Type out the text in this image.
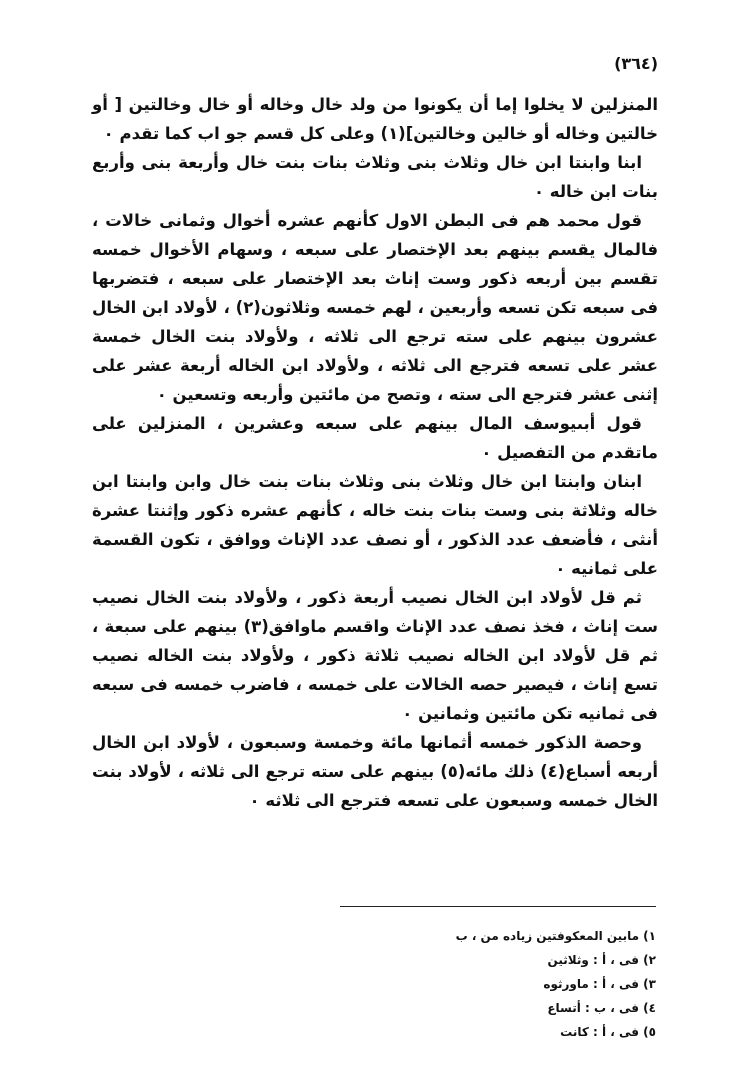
(٣٦٤)

المنزلين لا يخلوا إما أن يكونوا من ولد خال وخاله أو خال وخالتين [ أو خالتين وخاله أو خالين وخالتين](١) وعلى كل قسم جو اب كما تقدم ٠

ابنا وابنتا ابن خال وثلاث بنى وثلاث بنات بنت خال وأربعة بنى وأربع بنات ابن خاله ٠

قول محمد هم فى البطن الاول كأنهم عشره أخوال وثمانى خالات ، فالمال يقسم بينهم بعد الإختصار على سبعه ، وسهام الأخوال خمسه تقسم بين أربعه ذكور وست إناث بعد الإختصار على سبعه ، فتضربها فى سبعه تكن تسعه وأربعين ، لهم خمسه وثلاثون(٢) ، لأولاد ابن الخال عشرون بينهم على سته ترجع الى ثلاثه ، ولأولاد بنت الخال خمسة عشر على تسعه فترجع الى ثلاثه ، ولأولاد ابن الخاله أربعة عشر على إثنى عشر فترجع الى سته ، وتصح من مائتين وأربعه وتسعين ٠

قول أبىيوسف المال بينهم على سبعه وعشرين ، المنزلين على ماتقدم من التفصيل ٠

ابنان وابنتا ابن خال وثلاث بنى وثلاث بنات بنت خال وابن وابنتا ابن خاله وثلاثة بنى وست بنات بنت خاله ، كأنهم عشره ذكور وإثنتا عشرة أنثى ، فأضعف عدد الذكور ، أو نصف عدد الإناث ووافق ، تكون القسمة على ثمانيه ٠

ثم قل لأولاد ابن الخال نصيب أربعة ذكور ، ولأولاد بنت الخال نصيب ست إناث ، فخذ نصف عدد الإناث واقسم ماوافق(٣) بينهم على سبعة ، ثم قل لأولاد ابن الخاله نصيب ثلاثة ذكور ، ولأولاد بنت الخاله نصيب تسع إناث ، فيصير حصه الخالات على خمسه ، فاضرب خمسه فى سبعه فى ثمانيه تكن مائتين وثمانين ٠

وحصة الذكور خمسه أثمانها مائة وخمسة وسبعون ، لأولاد ابن الخال أربعه أسباع(٤) ذلك مائه(٥) بينهم على سته ترجع الى ثلاثه ، لأولاد بنت الخال خمسه وسبعون على تسعه فترجع الى ثلاثه ٠

١) مابين المعكوفتين زياده من ، ب
٢) فى ، أ : وثلاثين
٣) فى ، أ : ماورثوه
٤) فى ، ب : أتساع
٥) فى ، أ : كانت
